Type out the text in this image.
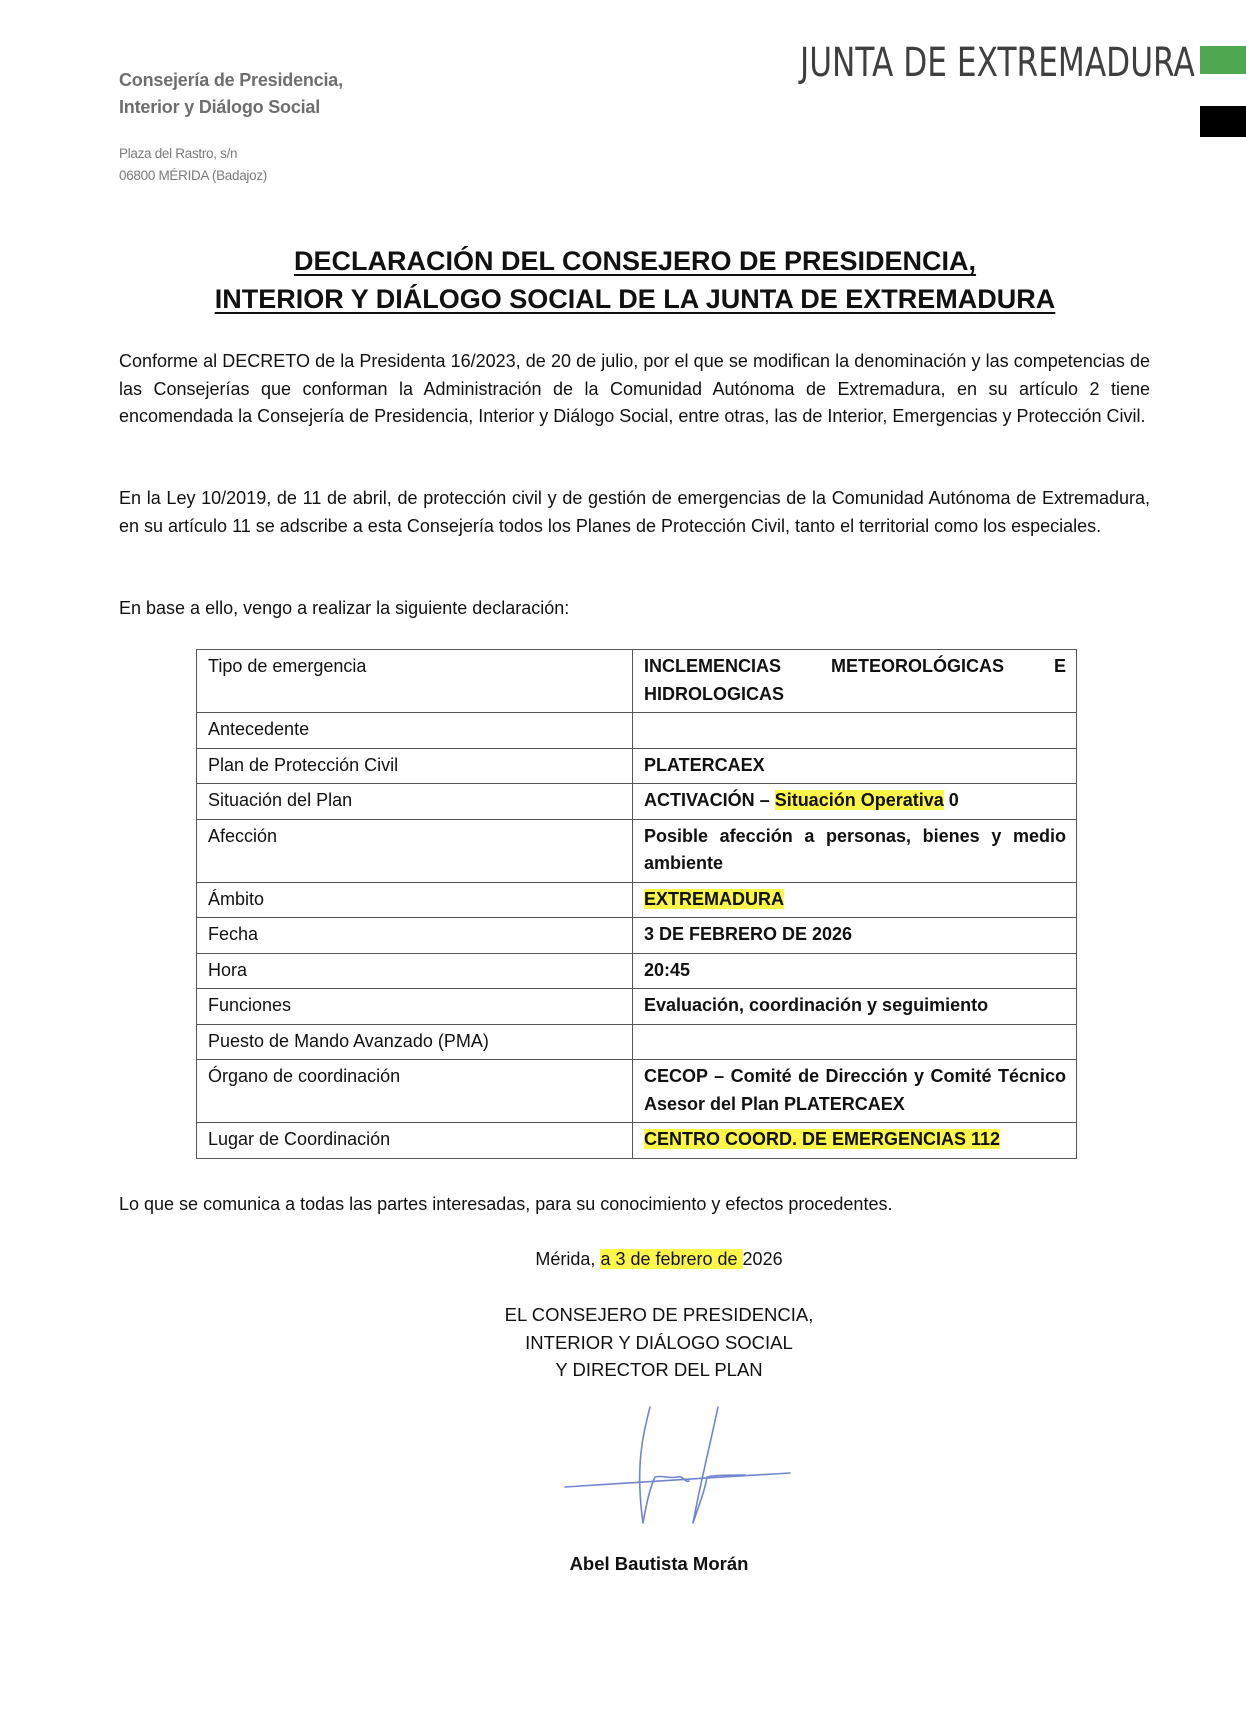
Consejería de Presidencia,
Interior y Diálogo Social
Plaza del Rastro, s/n
06800 MÉRIDA (Badajoz)
JUNTA DE EXTREMADURA
DECLARACIÓN DEL CONSEJERO DE PRESIDENCIA,
INTERIOR Y DIÁLOGO SOCIAL DE LA JUNTA DE EXTREMADURA
Conforme al DECRETO de la Presidenta 16/2023, de 20 de julio, por el que se modifican la denominación y las competencias de las Consejerías que conforman la Administración de la Comunidad Autónoma de Extremadura, en su artículo 2 tiene encomendada la Consejería de Presidencia, Interior y Diálogo Social, entre otras, las de Interior, Emergencias y Protección Civil.
En la Ley 10/2019, de 11 de abril, de protección civil y de gestión de emergencias de la Comunidad Autónoma de Extremadura, en su artículo 11 se adscribe a esta Consejería todos los Planes de Protección Civil, tanto el territorial como los especiales.
En base a ello, vengo a realizar la siguiente declaración:
Tipo de emergencia	INCLEMENCIAS METEOROLÓGICAS E HIDROLOGICAS
Antecedente	
Plan de Protección Civil	PLATERCAEX
Situación del Plan	ACTIVACIÓN – Situación Operativa 0
Afección	Posible afección a personas, bienes y medio ambiente
Ámbito	EXTREMADURA
Fecha	3 DE FEBRERO DE 2026
Hora	20:45
Funciones	Evaluación, coordinación y seguimiento
Puesto de Mando Avanzado (PMA)	
Órgano de coordinación	CECOP – Comité de Dirección y Comité Técnico Asesor del Plan PLATERCAEX
Lugar de Coordinación	CENTRO COORD. DE EMERGENCIAS 112
Lo que se comunica a todas las partes interesadas, para su conocimiento y efectos procedentes.
Mérida, a 3 de febrero de 2026
EL CONSEJERO DE PRESIDENCIA,
INTERIOR Y DIÁLOGO SOCIAL
Y DIRECTOR DEL PLAN
Abel Bautista Morán
